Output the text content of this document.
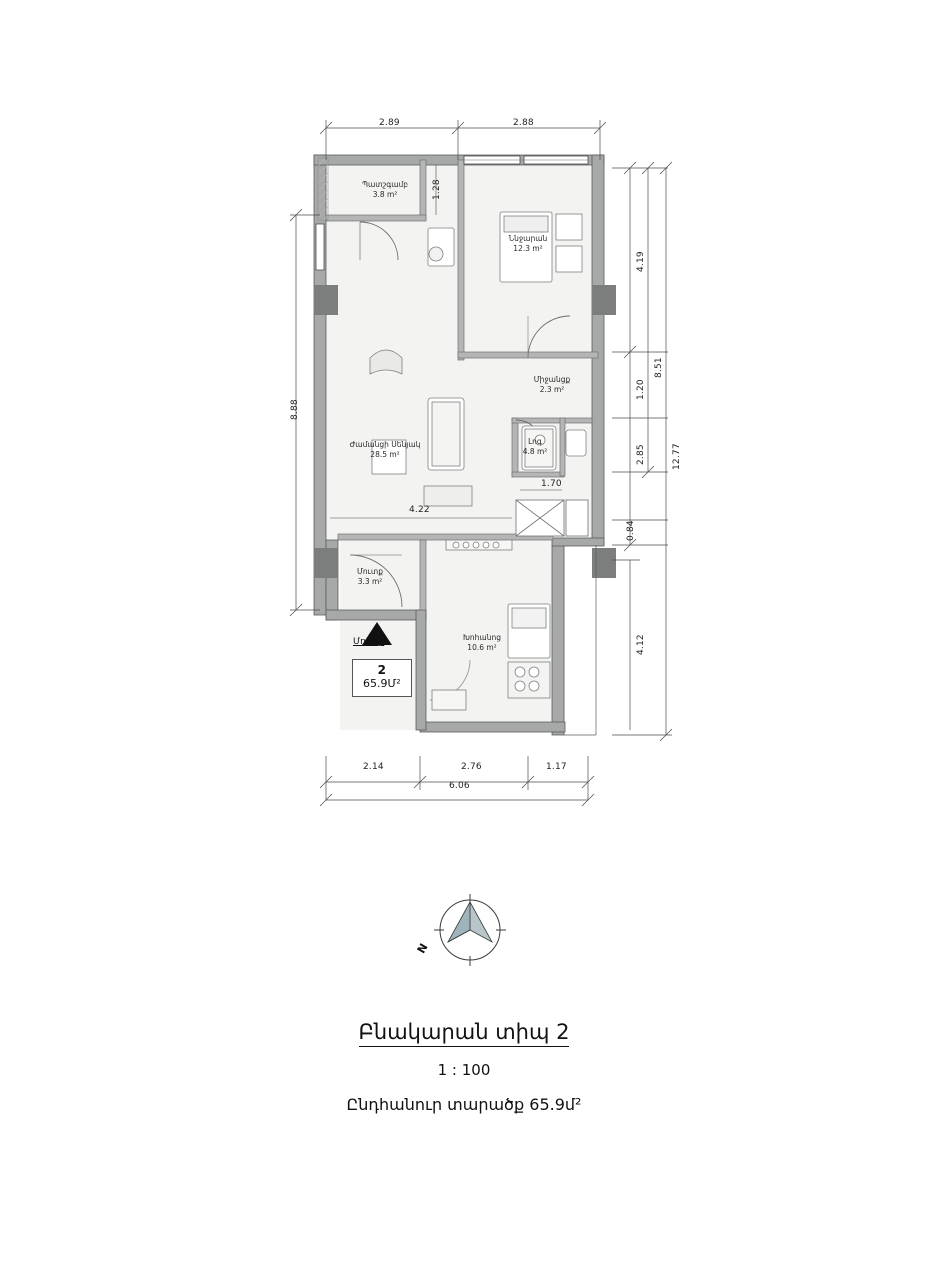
2.89	2.88
8.88
4.19
1.20
2.85
0.84
4.12
8.51
12.77
1.28
4.22
1.70
2.14	2.76	1.17
6.06
Պատշգամբ
3.8 m²
Ննջարան
12.3 m²
Միջանցք
2.3 m²
Լոգ
4.8 m²
Ժամանցի Սենյակ
28.5 m²
Մուտք
3.3 m²
Խոհանոց
10.6 m²
Մուտք
2
65.9Մ²
N
Բնակարան տիպ 2
1 : 100
Ընդհանուր տարածք 65.9մ²
